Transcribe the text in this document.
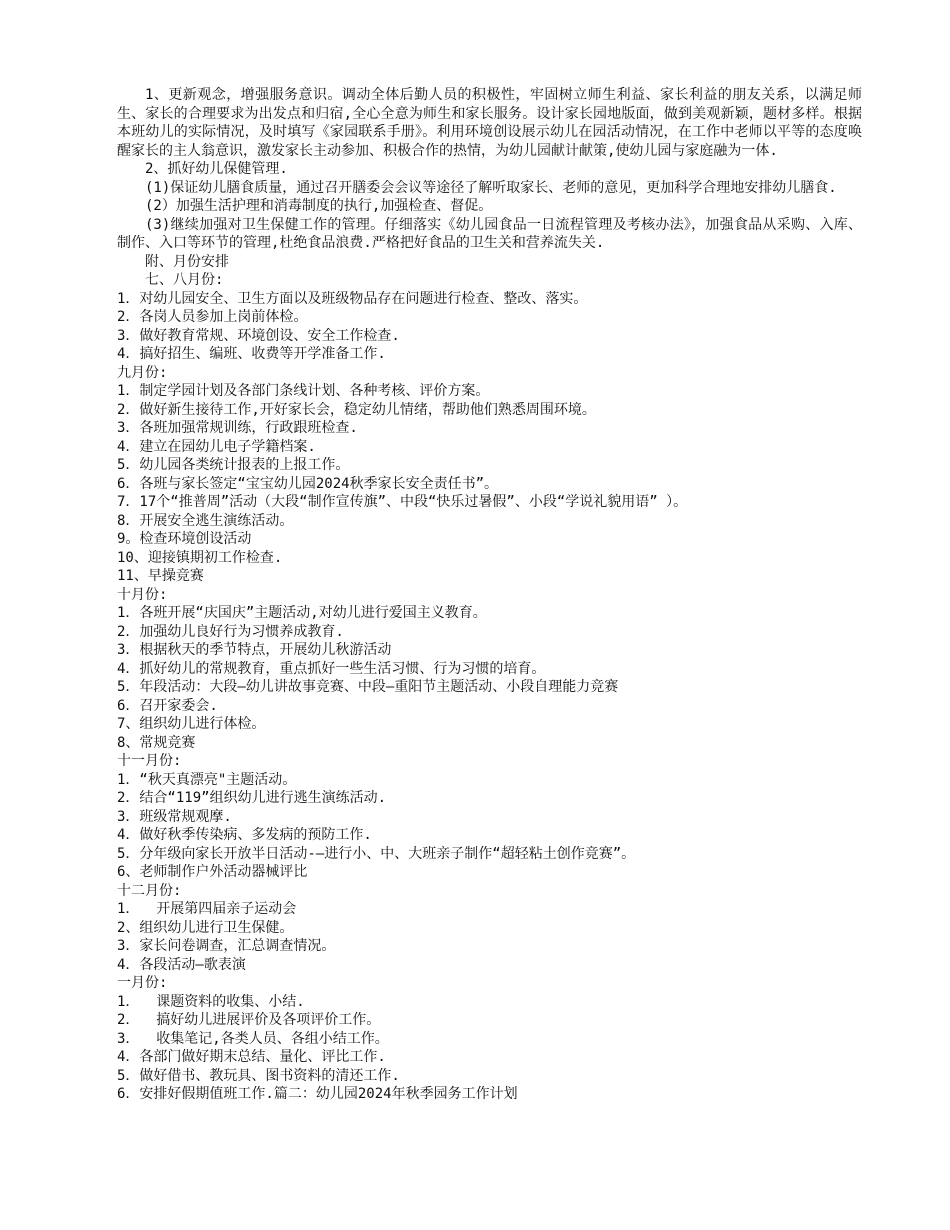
1、更新观念，增强服务意识。调动全体后勤人员的积极性，牢固树立师生利益、家长利益的朋友关系，以满足师生、家长的合理要求为出发点和归宿,全心全意为师生和家长服务。设计家长园地版面，做到美观新颖，题材多样。根据本班幼儿的实际情况，及时填写《家园联系手册》。利用环境创设展示幼儿在园活动情况，在工作中老师以平等的态度唤醒家长的主人翁意识，激发家长主动参加、积极合作的热情，为幼儿园献计献策,使幼儿园与家庭融为一体.

2、抓好幼儿保健管理.

(1)保证幼儿膳食质量，通过召开膳委会会议等途径了解听取家长、老师的意见，更加科学合理地安排幼儿膳食.

(2）加强生活护理和消毒制度的执行,加强检查、督促。

(3)继续加强对卫生保健工作的管理。仔细落实《幼儿园食品一日流程管理及考核办法》，加强食品从采购、入库、制作、入口等环节的管理,杜绝食品浪费.严格把好食品的卫生关和营养流失关.

附、月份安排

七、八月份:

1．对幼儿园安全、卫生方面以及班级物品存在问题进行检查、整改、落实。

2．各岗人员参加上岗前体检。

3．做好教育常规、环境创设、安全工作检查.

4．搞好招生、编班、收费等开学准备工作.

九月份:

1．制定学园计划及各部门条线计划、各种考核、评价方案。

2．做好新生接待工作,开好家长会，稳定幼儿情绪，帮助他们熟悉周围环境。

3．各班加强常规训练，行政跟班检查.

4．建立在园幼儿电子学籍档案.

5．幼儿园各类统计报表的上报工作。

6．各班与家长签定“宝宝幼儿园2024秋季家长安全责任书”。

7．17个“推普周”活动（大段“制作宣传旗”、中段“快乐过暑假”、小段“学说礼貌用语” ）。

8．开展安全逃生演练活动。

9。检查环境创设活动

10、迎接镇期初工作检查.

11、早操竞赛

十月份:

1．各班开展“庆国庆”主题活动,对幼儿进行爱国主义教育。

2．加强幼儿良好行为习惯养成教育.

3．根据秋天的季节特点，开展幼儿秋游活动

4．抓好幼儿的常规教育，重点抓好一些生活习惯、行为习惯的培育。

5．年段活动：大段—幼儿讲故事竞赛、中段—重阳节主题活动、小段自理能力竞赛

6．召开家委会.

7、组织幼儿进行体检。

8、常规竞赛

十一月份:

1．“秋天真漂亮"主题活动。

2．结合“119”组织幼儿进行逃生演练活动.

3．班级常规观摩.

4．做好秋季传染病、多发病的预防工作.

5．分年级向家长开放半日活动-—进行小、中、大班亲子制作“超轻粘土创作竞赛”。

6、老师制作户外活动器械评比

十二月份:

1．  开展第四届亲子运动会

2、组织幼儿进行卫生保健。

3．家长问卷调查，汇总调查情况。

4．各段活动—歌表演

一月份:

1．  课题资料的收集、小结.

2．  搞好幼儿进展评价及各项评价工作。

3．  收集笔记,各类人员、各组小结工作。

4．各部门做好期末总结、量化、评比工作.

5．做好借书、教玩具、图书资料的清还工作.

6．安排好假期值班工作.篇二：幼儿园2024年秋季园务工作计划
